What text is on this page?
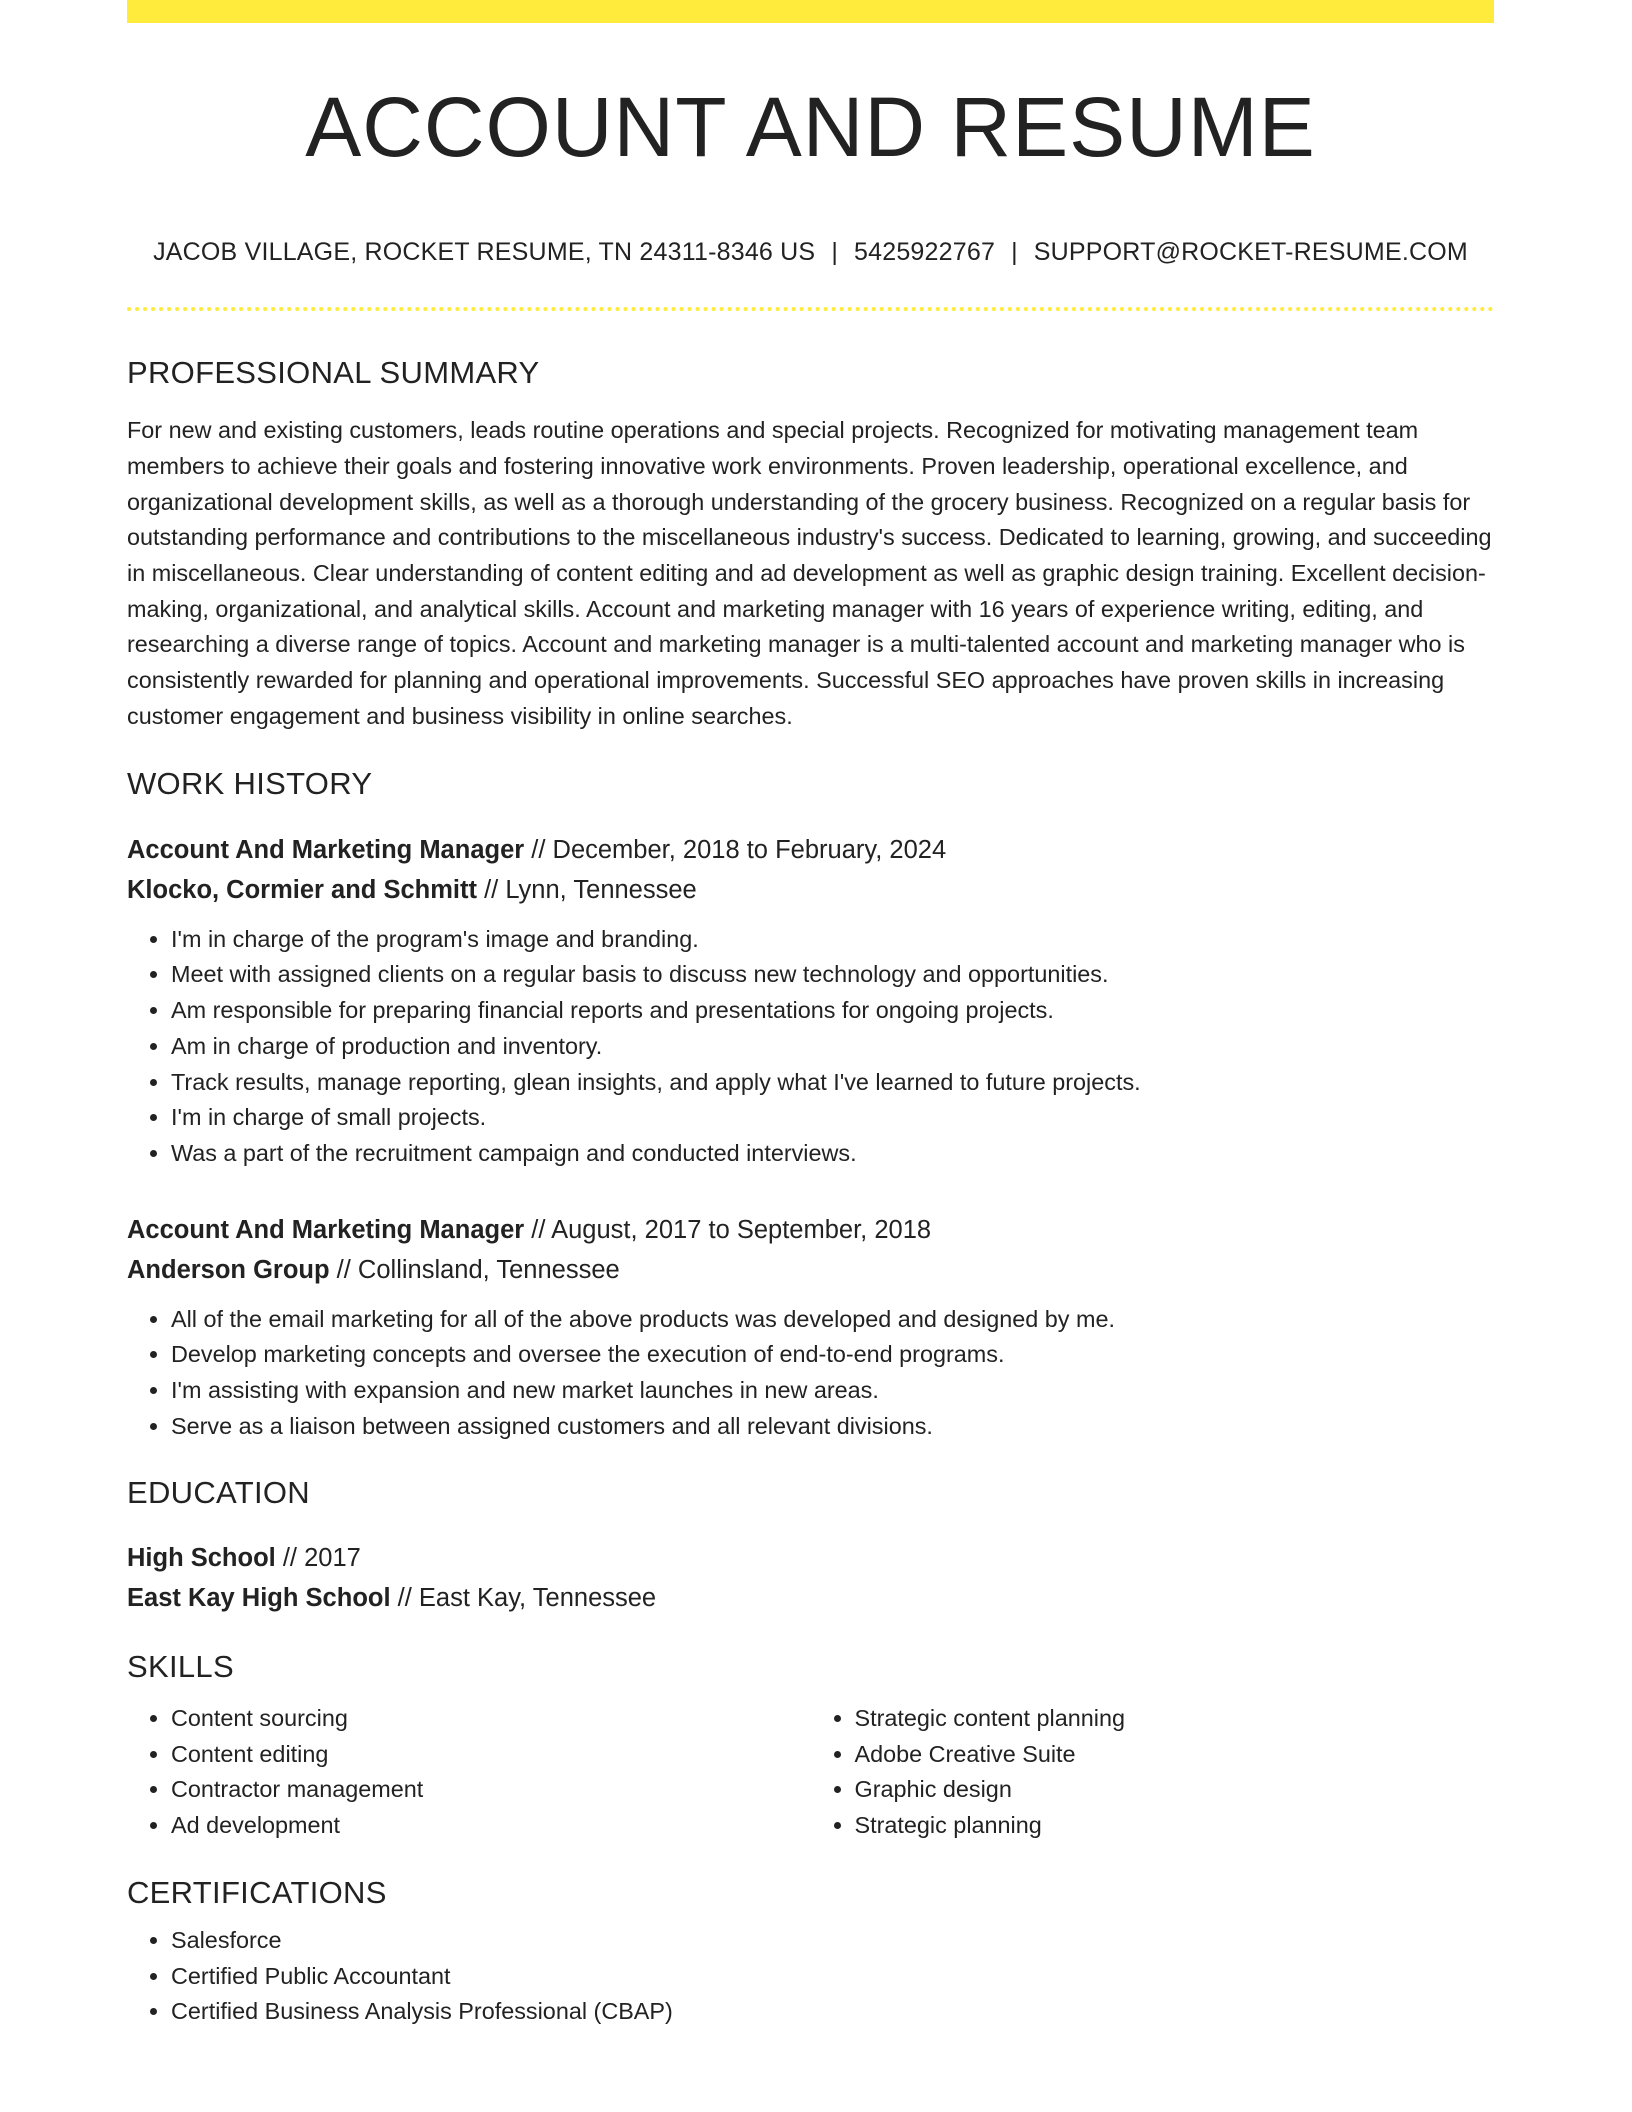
ACCOUNT AND RESUME
JACOB VILLAGE, ROCKET RESUME, TN 24311-8346 US | 5425922767 | SUPPORT@ROCKET-RESUME.COM
PROFESSIONAL SUMMARY

For new and existing customers, leads routine operations and special projects. Recognized for motivating management team members to achieve their goals and fostering innovative work environments. Proven leadership, operational excellence, and organizational development skills, as well as a thorough understanding of the grocery business. Recognized on a regular basis for outstanding performance and contributions to the miscellaneous industry's success. Dedicated to learning, growing, and succeeding in miscellaneous. Clear understanding of content editing and ad development as well as graphic design training. Excellent decision-making, organizational, and analytical skills. Account and marketing manager with 16 years of experience writing, editing, and researching a diverse range of topics. Account and marketing manager is a multi-talented account and marketing manager who is consistently rewarded for planning and operational improvements. Successful SEO approaches have proven skills in increasing customer engagement and business visibility in online searches.

WORK HISTORY
Account And Marketing Manager // December, 2018 to February, 2024
Klocko, Cormier and Schmitt // Lynn, Tennessee
• I'm in charge of the program's image and branding.
• Meet with assigned clients on a regular basis to discuss new technology and opportunities.
• Am responsible for preparing financial reports and presentations for ongoing projects.
• Am in charge of production and inventory.
• Track results, manage reporting, glean insights, and apply what I've learned to future projects.
• I'm in charge of small projects.
• Was a part of the recruitment campaign and conducted interviews.
Account And Marketing Manager // August, 2017 to September, 2018
Anderson Group // Collinsland, Tennessee
• All of the email marketing for all of the above products was developed and designed by me.
• Develop marketing concepts and oversee the execution of end-to-end programs.
• I'm assisting with expansion and new market launches in new areas.
• Serve as a liaison between assigned customers and all relevant divisions.
EDUCATION
High School // 2017
East Kay High School // East Kay, Tennessee
SKILLS
• Content sourcing
• Content editing
• Contractor management
• Ad development
• Strategic content planning
• Adobe Creative Suite
• Graphic design
• Strategic planning
CERTIFICATIONS
• Salesforce
• Certified Public Accountant
• Certified Business Analysis Professional (CBAP)
